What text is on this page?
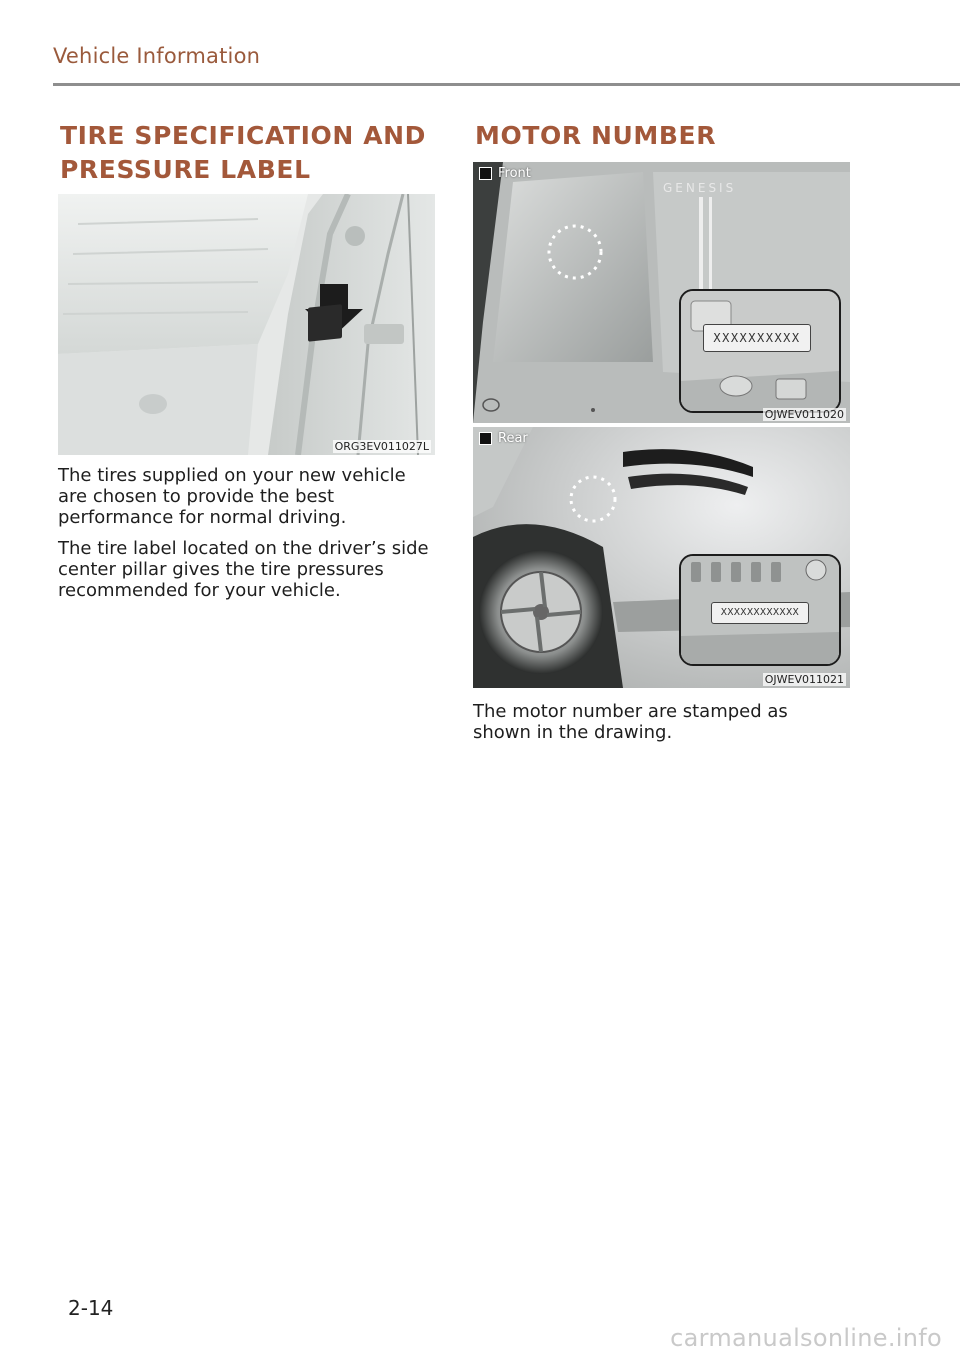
Vehicle Information
TIRE SPECIFICATION AND
PRESSURE LABEL
ORG3EV011027L

The tires supplied on your new vehicle are chosen to provide the best performance for normal driving.

The tire label located on the driver’s side center pillar gives the tire pressures recommended for your vehicle.

MOTOR NUMBER
GENESIS
XXXXXXXXXX
Front
OJWEV011020
XXXXXXXXXXXX
Rear
OJWEV011021

The motor number are stamped as shown in the drawing.

2-14
carmanualsonline.info
